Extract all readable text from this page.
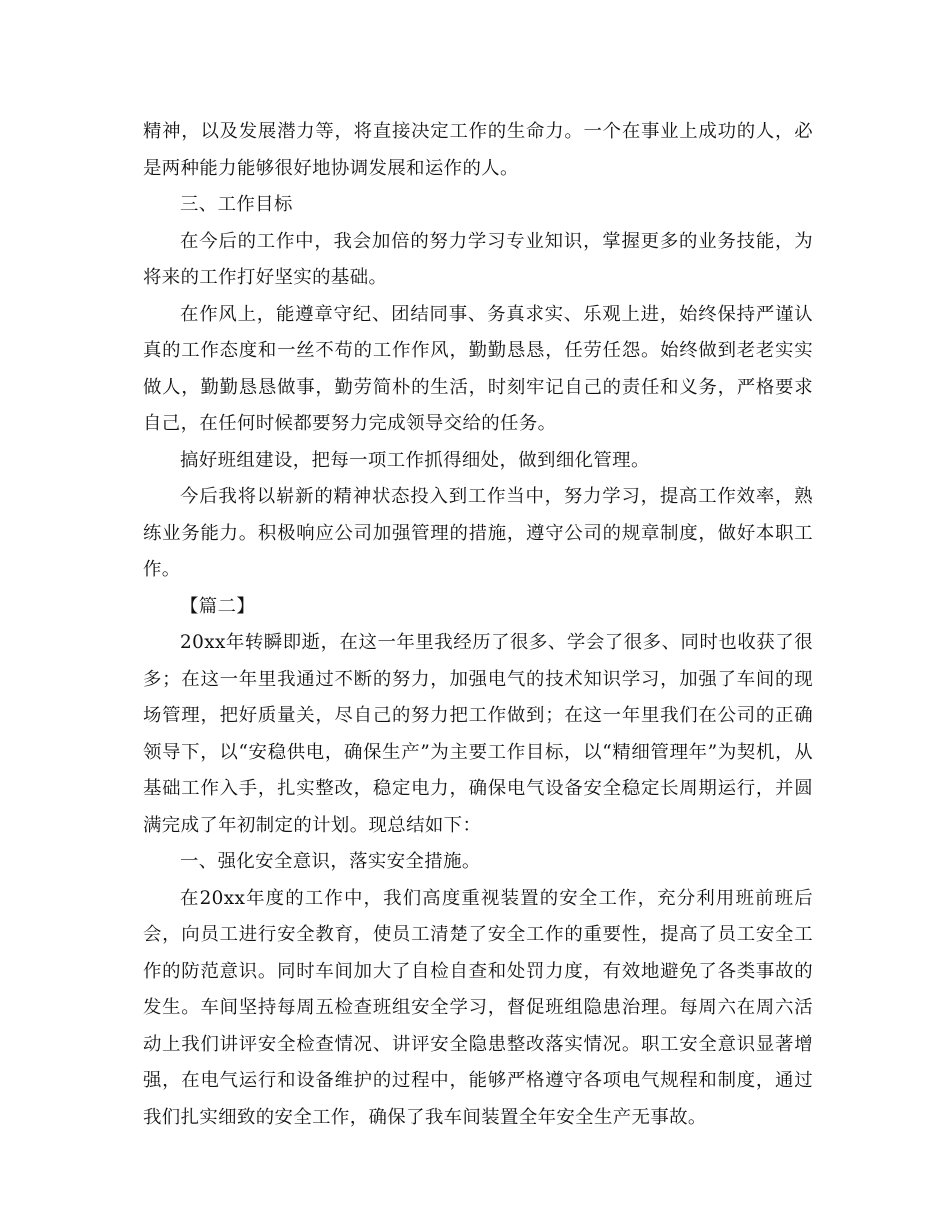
精神，以及发展潜力等，将直接决定工作的生命力。一个在事业上成功的人，必是两种能力能够很好地协调发展和运作的人。

三、工作目标

在今后的工作中，我会加倍的努力学习专业知识，掌握更多的业务技能，为将来的工作打好坚实的基础。

在作风上，能遵章守纪、团结同事、务真求实、乐观上进，始终保持严谨认真的工作态度和一丝不苟的工作作风，勤勤恳恳，任劳任怨。始终做到老老实实做人，勤勤恳恳做事，勤劳简朴的生活，时刻牢记自己的责任和义务，严格要求自己，在任何时候都要努力完成领导交给的任务。

搞好班组建设，把每一项工作抓得细处，做到细化管理。

今后我将以崭新的精神状态投入到工作当中，努力学习，提高工作效率，熟练业务能力。积极响应公司加强管理的措施，遵守公司的规章制度，做好本职工作。

【篇二】

20xx年转瞬即逝，在这一年里我经历了很多、学会了很多、同时也收获了很多；在这一年里我通过不断的努力，加强电气的技术知识学习，加强了车间的现场管理，把好质量关，尽自己的努力把工作做到；在这一年里我们在公司的正确领导下，以“安稳供电，确保生产”为主要工作目标，以“精细管理年”为契机，从基础工作入手，扎实整改，稳定电力，确保电气设备安全稳定长周期运行，并圆满完成了年初制定的计划。现总结如下：

一、强化安全意识，落实安全措施。

在20xx年度的工作中，我们高度重视装置的安全工作，充分利用班前班后会，向员工进行安全教育，使员工清楚了安全工作的重要性，提高了员工安全工作的防范意识。同时车间加大了自检自查和处罚力度，有效地避免了各类事故的发生。车间坚持每周五检查班组安全学习，督促班组隐患治理。每周六在周六活动上我们讲评安全检查情况、讲评安全隐患整改落实情况。职工安全意识显著增强，在电气运行和设备维护的过程中，能够严格遵守各项电气规程和制度，通过我们扎实细致的安全工作，确保了我车间装置全年安全生产无事故。
